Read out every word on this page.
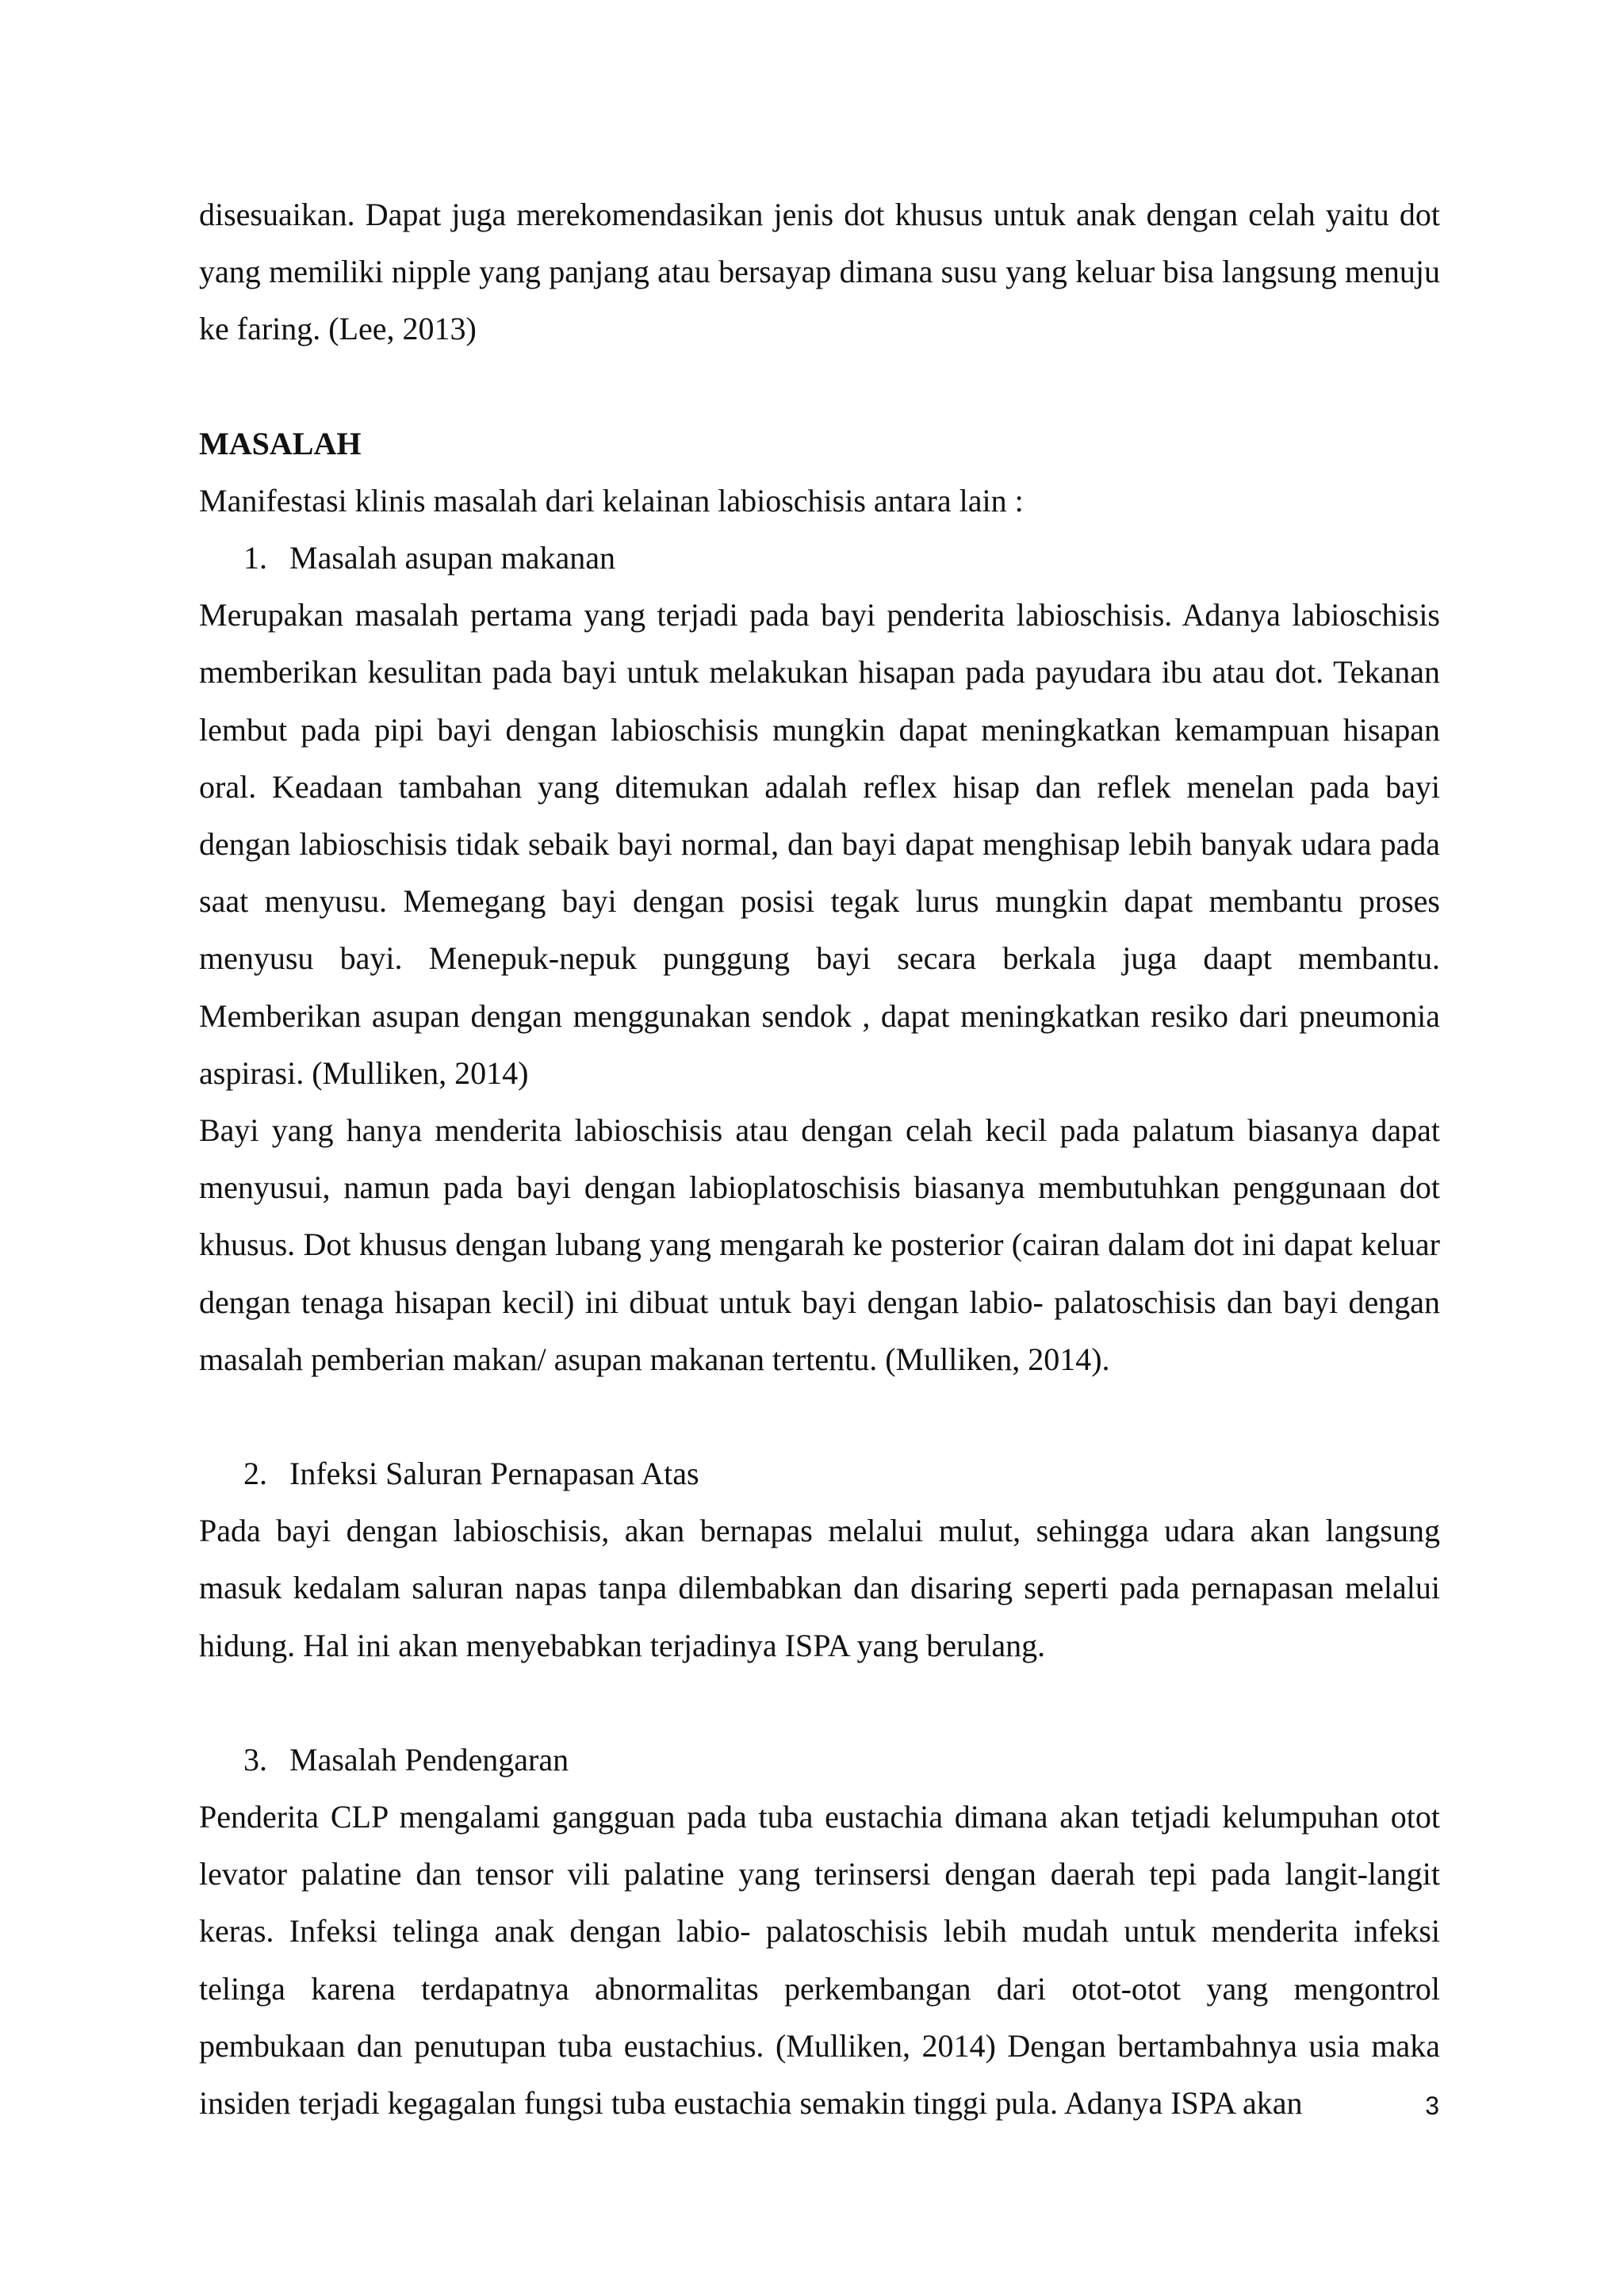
disesuaikan. Dapat juga merekomendasikan jenis dot khusus untuk anak dengan celah yaitu dot yang memiliki nipple yang panjang atau bersayap dimana susu yang keluar bisa langsung menuju ke faring. (Lee, 2013)

MASALAH

Manifestasi klinis masalah dari kelainan labioschisis antara lain :

1. Masalah asupan makanan

Merupakan masalah pertama yang terjadi pada bayi penderita labioschisis. Adanya labioschisis memberikan kesulitan pada bayi untuk melakukan hisapan pada payudara ibu atau dot. Tekanan lembut pada pipi bayi dengan labioschisis mungkin dapat meningkatkan kemampuan hisapan oral. Keadaan tambahan yang ditemukan adalah reflex hisap dan reflek menelan pada bayi dengan labioschisis tidak sebaik bayi normal, dan bayi dapat menghisap lebih banyak udara pada saat menyusu. Memegang bayi dengan posisi tegak lurus mungkin dapat membantu proses menyusu bayi. Menepuk-nepuk punggung bayi secara berkala juga daapt membantu. Memberikan asupan dengan menggunakan sendok , dapat meningkatkan resiko dari pneumonia aspirasi. (Mulliken, 2014)

Bayi yang hanya menderita labioschisis atau dengan celah kecil pada palatum biasanya dapat menyusui, namun pada bayi dengan labioplatoschisis biasanya membutuhkan penggunaan dot khusus. Dot khusus dengan lubang yang mengarah ke posterior (cairan dalam dot ini dapat keluar dengan tenaga hisapan kecil) ini dibuat untuk bayi dengan labio- palatoschisis dan bayi dengan masalah pemberian makan/ asupan makanan tertentu. (Mulliken, 2014).

2. Infeksi Saluran Pernapasan Atas

Pada bayi dengan labioschisis, akan bernapas melalui mulut, sehingga udara akan langsung masuk kedalam saluran napas tanpa dilembabkan dan disaring seperti pada pernapasan melalui hidung. Hal ini akan menyebabkan terjadinya ISPA yang berulang.

3. Masalah Pendengaran

Penderita CLP mengalami gangguan pada tuba eustachia dimana akan tetjadi kelumpuhan otot levator palatine dan tensor vili palatine yang terinsersi dengan daerah tepi pada langit-langit keras. Infeksi telinga anak dengan labio- palatoschisis lebih mudah untuk menderita infeksi telinga karena terdapatnya abnormalitas perkembangan dari otot-otot yang mengontrol pembukaan dan penutupan tuba eustachius. (Mulliken, 2014) Dengan bertambahnya usia maka insiden terjadi kegagalan fungsi tuba eustachia semakin tinggi pula. Adanya ISPA akan	3
